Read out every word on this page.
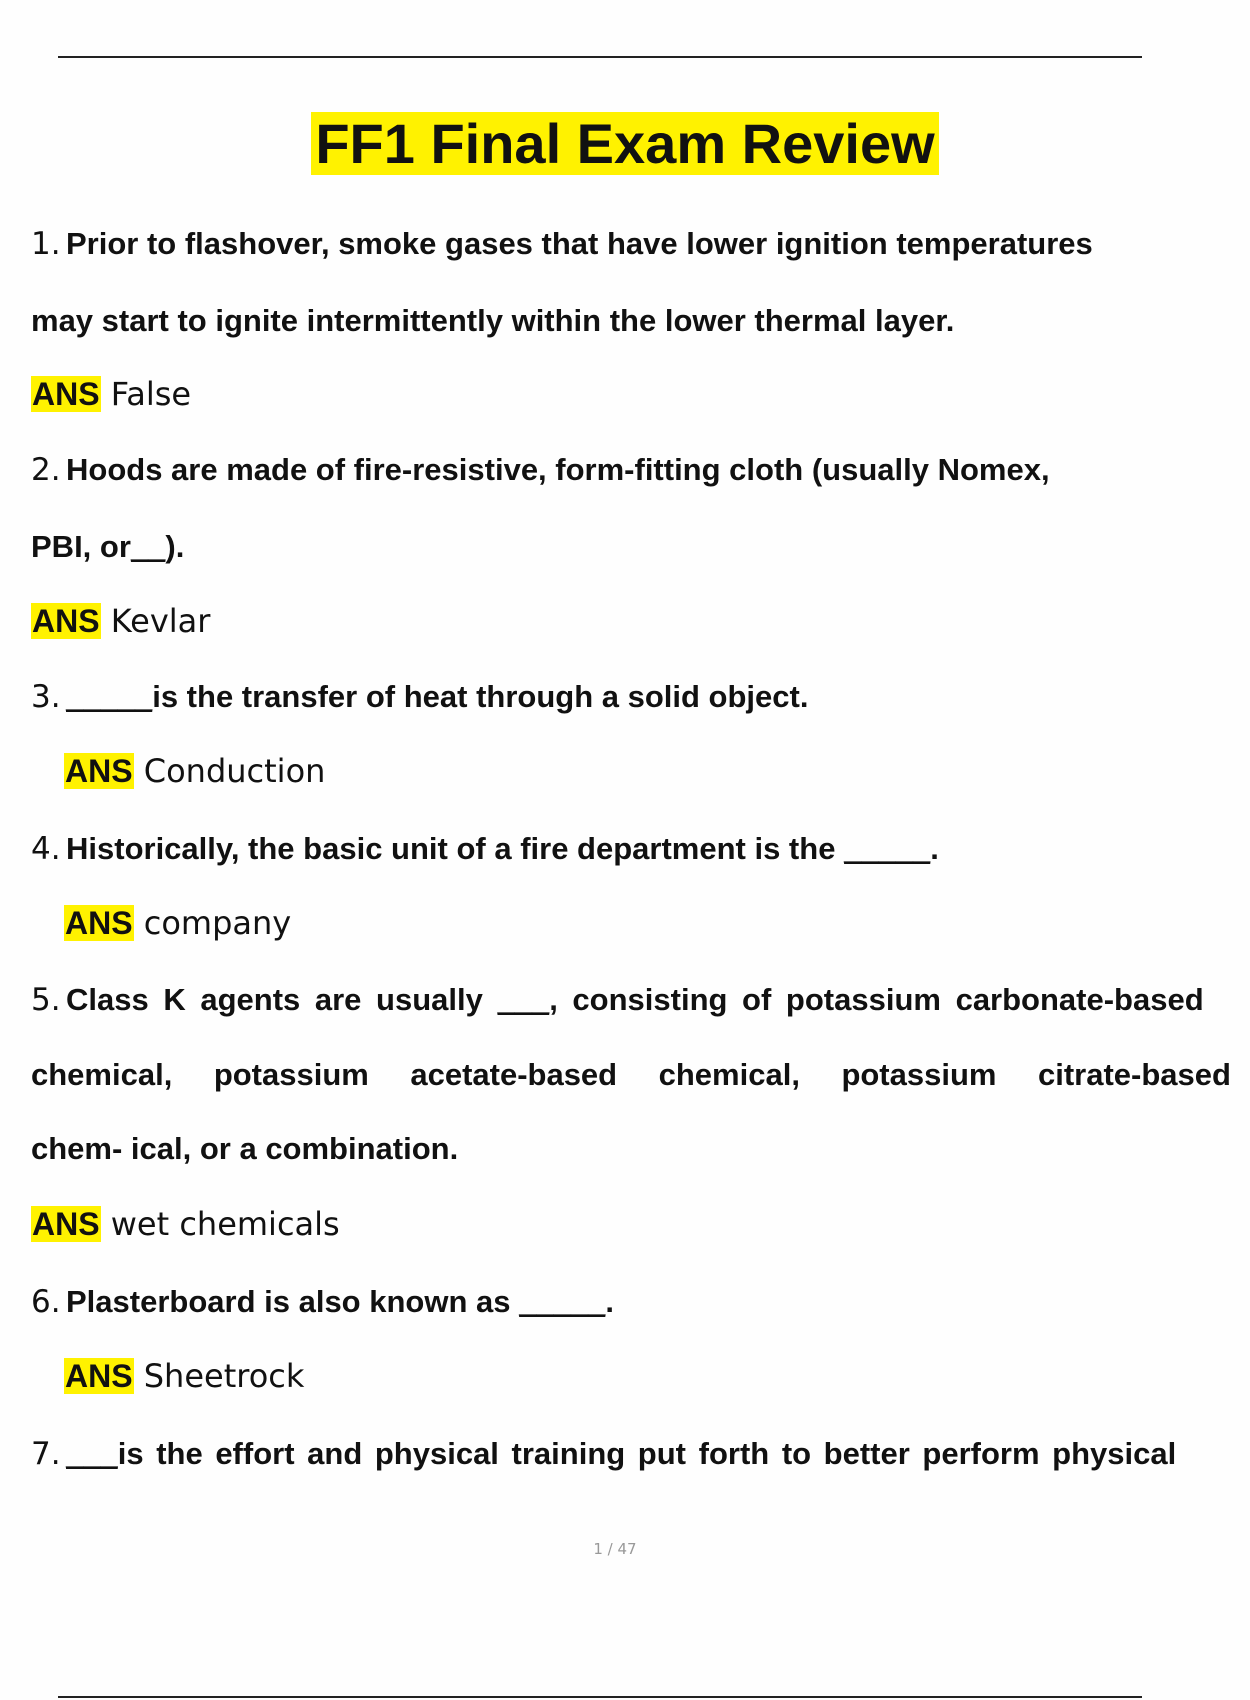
FF1 Final Exam Review
1. Prior to flashover, smoke gases that have lower ignition temperatures
may start to ignite intermittently within the lower thermal layer.
ANS False
2. Hoods are made of fire-resistive, form-fitting cloth (usually Nomex,
PBI, or__).
ANS Kevlar
3. _____is the transfer of heat through a solid object.
ANS Conduction
4. Historically, the basic unit of a fire department is the _____.
ANS company
5. Class K agents are usually ___, consisting of potassium carbonate-based
chemical, potassium acetate-based chemical, potassium citrate-based
chem- ical, or a combination.
ANS wet chemicals
6. Plasterboard is also known as _____.
ANS Sheetrock
7. ___is the effort and physical training put forth to better perform physical
1 / 47
